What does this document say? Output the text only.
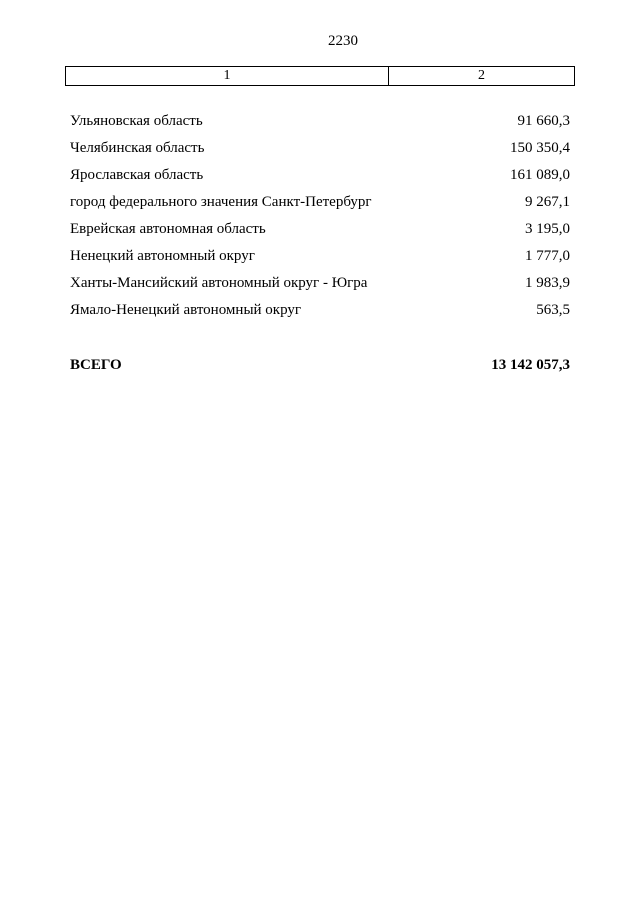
2230
1	2
Ульяновская область	91 660,3
Челябинская область	150 350,4
Ярославская область	161 089,0
город федерального значения Санкт-Петербург	9 267,1
Еврейская автономная область	3 195,0
Ненецкий автономный округ	1 777,0
Ханты-Мансийский автономный округ - Югра	1 983,9
Ямало-Ненецкий автономный округ	563,5
ВСЕГО	13 142 057,3
